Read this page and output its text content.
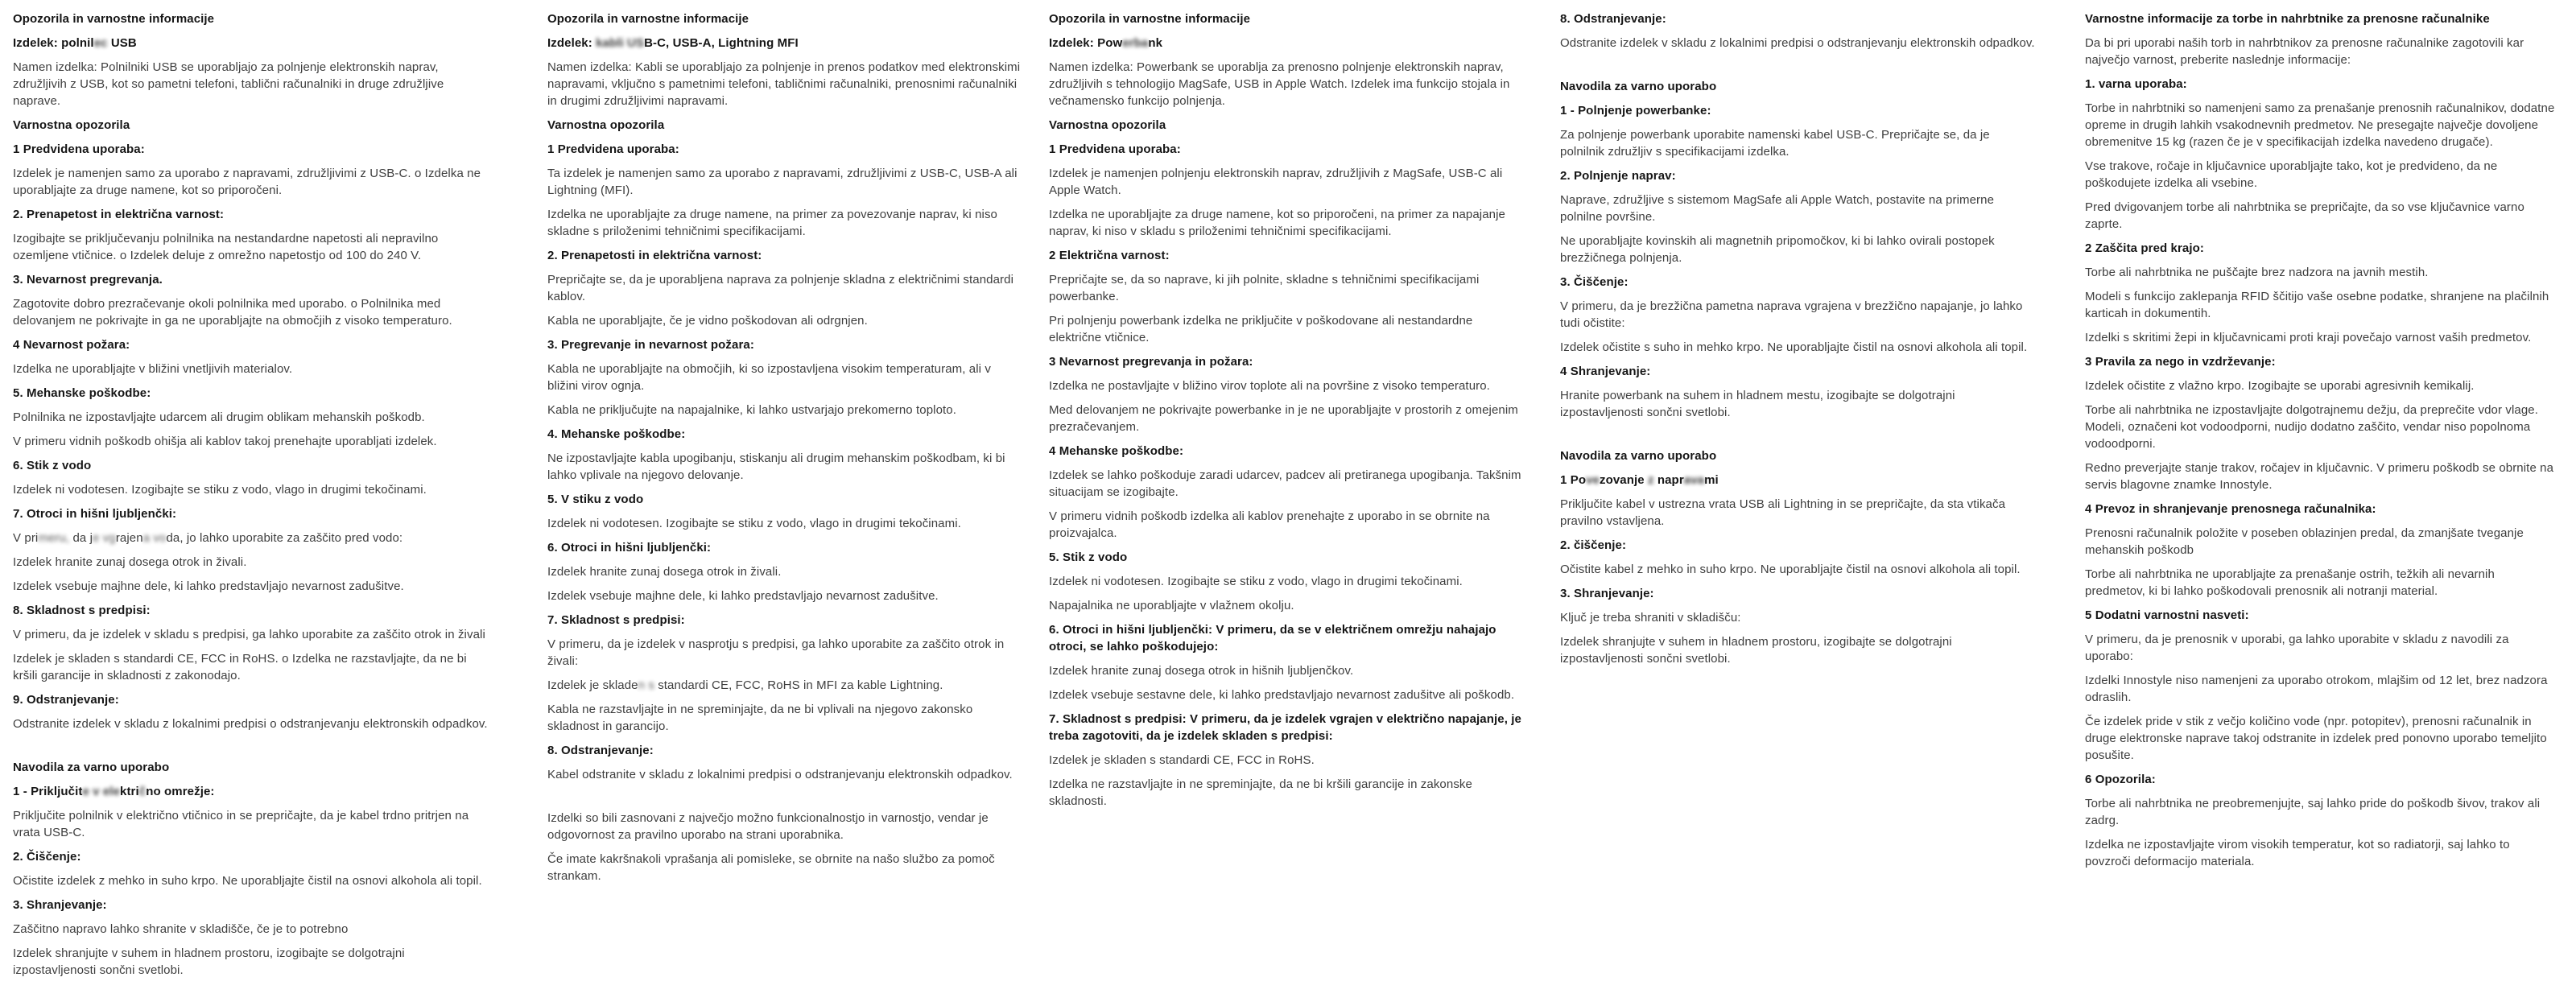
Opozorila in varnostne informacije

Izdelek: polnilec USB

Namen izdelka: Polnilniki USB se uporabljajo za polnjenje elektronskih naprav, združljivih z USB, kot so pametni telefoni, tablični računalniki in druge združljive naprave.

Varnostna opozorila

1 Predvidena uporaba:

Izdelek je namenjen samo za uporabo z napravami, združljivimi z USB-C. o Izdelka ne uporabljajte za druge namene, kot so priporočeni.

2. Prenapetost in električna varnost:

Izogibajte se priključevanju polnilnika na nestandardne napetosti ali nepravilno ozemljene vtičnice. o Izdelek deluje z omrežno napetostjo od 100 do 240 V.

3. Nevarnost pregrevanja.

Zagotovite dobro prezračevanje okoli polnilnika med uporabo. o Polnilnika med delovanjem ne pokrivajte in ga ne uporabljajte na območjih z visoko temperaturo.

4 Nevarnost požara:

Izdelka ne uporabljajte v bližini vnetljivih materialov.

5. Mehanske poškodbe:

Polnilnika ne izpostavljajte udarcem ali drugim oblikam mehanskih poškodb.

V primeru vidnih poškodb ohišja ali kablov takoj prenehajte uporabljati izdelek.

6. Stik z vodo

Izdelek ni vodotesen. Izogibajte se stiku z vodo, vlago in drugimi tekočinami.

7. Otroci in hišni ljubljenčki:

V primeru, da je vgrajena voda, jo lahko uporabite za zaščito pred vodo:

Izdelek hranite zunaj dosega otrok in živali.

Izdelek vsebuje majhne dele, ki lahko predstavljajo nevarnost zadušitve.

8. Skladnost s predpisi:

V primeru, da je izdelek v skladu s predpisi, ga lahko uporabite za zaščito otrok in živali

Izdelek je skladen s standardi CE, FCC in RoHS. o Izdelka ne razstavljajte, da ne bi kršili garancije in skladnosti z zakonodajo.

9. Odstranjevanje:

Odstranite izdelek v skladu z lokalnimi predpisi o odstranjevanju elektronskih odpadkov.

Navodila za varno uporabo

1 - Priključite v električno omrežje:

Priključite polnilnik v električno vtičnico in se prepričajte, da je kabel trdno pritrjen na vrata USB-C.

2. Čiščenje:

Očistite izdelek z mehko in suho krpo. Ne uporabljajte čistil na osnovi alkohola ali topil.

3. Shranjevanje:

Zaščitno napravo lahko shranite v skladišče, če je to potrebno

Izdelek shranjujte v suhem in hladnem prostoru, izogibajte se dolgotrajni izpostavljenosti sončni svetlobi.

Opozorila in varnostne informacije

Izdelek: kabli USB-C, USB-A, Lightning MFI

Namen izdelka: Kabli se uporabljajo za polnjenje in prenos podatkov med elektronskimi napravami, vključno s pametnimi telefoni, tabličnimi računalniki, prenosnimi računalniki in drugimi združljivimi napravami.

Varnostna opozorila

1 Predvidena uporaba:

Ta izdelek je namenjen samo za uporabo z napravami, združljivimi z USB-C, USB-A ali Lightning (MFI).

Izdelka ne uporabljajte za druge namene, na primer za povezovanje naprav, ki niso skladne s priloženimi tehničnimi specifikacijami.

2. Prenapetosti in električna varnost:

Prepričajte se, da je uporabljena naprava za polnjenje skladna z električnimi standardi kablov.

Kabla ne uporabljajte, če je vidno poškodovan ali odrgnjen.

3. Pregrevanje in nevarnost požara:

Kabla ne uporabljajte na območjih, ki so izpostavljena visokim temperaturam, ali v bližini virov ognja.

Kabla ne priključujte na napajalnike, ki lahko ustvarjajo prekomerno toploto.

4. Mehanske poškodbe:

Ne izpostavljajte kabla upogibanju, stiskanju ali drugim mehanskim poškodbam, ki bi lahko vplivale na njegovo delovanje.

5. V stiku z vodo

Izdelek ni vodotesen. Izogibajte se stiku z vodo, vlago in drugimi tekočinami.

6. Otroci in hišni ljubljenčki:

Izdelek hranite zunaj dosega otrok in živali.

Izdelek vsebuje majhne dele, ki lahko predstavljajo nevarnost zadušitve.

7. Skladnost s predpisi:

V primeru, da je izdelek v nasprotju s predpisi, ga lahko uporabite za zaščito otrok in živali:

Izdelek je skladen s standardi CE, FCC, RoHS in MFI za kable Lightning.

Kabla ne razstavljajte in ne spreminjajte, da ne bi vplivali na njegovo zakonsko skladnost in garancijo.

8. Odstranjevanje:

Kabel odstranite v skladu z lokalnimi predpisi o odstranjevanju elektronskih odpadkov.

Izdelki so bili zasnovani z največjo možno funkcionalnostjo in varnostjo, vendar je odgovornost za pravilno uporabo na strani uporabnika.

Če imate kakršnakoli vprašanja ali pomisleke, se obrnite na našo službo za pomoč strankam.

Opozorila in varnostne informacije

Izdelek: Powerbank

Namen izdelka: Powerbank se uporablja za prenosno polnjenje elektronskih naprav, združljivih s tehnologijo MagSafe, USB in Apple Watch. Izdelek ima funkcijo stojala in večnamensko funkcijo polnjenja.

Varnostna opozorila

1 Predvidena uporaba:

Izdelek je namenjen polnjenju elektronskih naprav, združljivih z MagSafe, USB-C ali Apple Watch.

Izdelka ne uporabljajte za druge namene, kot so priporočeni, na primer za napajanje naprav, ki niso v skladu s priloženimi tehničnimi specifikacijami.

2 Električna varnost:

Prepričajte se, da so naprave, ki jih polnite, skladne s tehničnimi specifikacijami powerbanke.

Pri polnjenju powerbank izdelka ne priključite v poškodovane ali nestandardne električne vtičnice.

3 Nevarnost pregrevanja in požara:

Izdelka ne postavljajte v bližino virov toplote ali na površine z visoko temperaturo.

Med delovanjem ne pokrivajte powerbanke in je ne uporabljajte v prostorih z omejenim prezračevanjem.

4 Mehanske poškodbe:

Izdelek se lahko poškoduje zaradi udarcev, padcev ali pretiranega upogibanja. Takšnim situacijam se izogibajte.

V primeru vidnih poškodb izdelka ali kablov prenehajte z uporabo in se obrnite na proizvajalca.

5. Stik z vodo

Izdelek ni vodotesen. Izogibajte se stiku z vodo, vlago in drugimi tekočinami.

Napajalnika ne uporabljajte v vlažnem okolju.

6. Otroci in hišni ljubljenčki: V primeru, da se v električnem omrežju nahajajo otroci, se lahko poškodujejo:

Izdelek hranite zunaj dosega otrok in hišnih ljubljenčkov.

Izdelek vsebuje sestavne dele, ki lahko predstavljajo nevarnost zadušitve ali poškodb.

7. Skladnost s predpisi: V primeru, da je izdelek vgrajen v električno napajanje, je treba zagotoviti, da je izdelek skladen s predpisi:

Izdelek je skladen s standardi CE, FCC in RoHS.

Izdelka ne razstavljajte in ne spreminjajte, da ne bi kršili garancije in zakonske skladnosti.

8. Odstranjevanje:

Odstranite izdelek v skladu z lokalnimi predpisi o odstranjevanju elektronskih odpadkov.

Navodila za varno uporabo

1 - Polnjenje powerbanke:

Za polnjenje powerbank uporabite namenski kabel USB-C. Prepričajte se, da je polnilnik združljiv s specifikacijami izdelka.

2. Polnjenje naprav:

Naprave, združljive s sistemom MagSafe ali Apple Watch, postavite na primerne polnilne površine.

Ne uporabljajte kovinskih ali magnetnih pripomočkov, ki bi lahko ovirali postopek brezžičnega polnjenja.

3. Čiščenje:

V primeru, da je brezžična pametna naprava vgrajena v brezžično napajanje, jo lahko tudi očistite:

Izdelek očistite s suho in mehko krpo. Ne uporabljajte čistil na osnovi alkohola ali topil.

4 Shranjevanje:

Hranite powerbank na suhem in hladnem mestu, izogibajte se dolgotrajni izpostavljenosti sončni svetlobi.

Navodila za varno uporabo

1 Povezovanje z napravami

Priključite kabel v ustrezna vrata USB ali Lightning in se prepričajte, da sta vtikača pravilno vstavljena.

2. čiščenje:

Očistite kabel z mehko in suho krpo. Ne uporabljajte čistil na osnovi alkohola ali topil.

3. Shranjevanje:

Ključ je treba shraniti v skladišču:

Izdelek shranjujte v suhem in hladnem prostoru, izogibajte se dolgotrajni izpostavljenosti sončni svetlobi.

Varnostne informacije za torbe in nahrbtnike za prenosne računalnike

Da bi pri uporabi naših torb in nahrbtnikov za prenosne računalnike zagotovili kar največjo varnost, preberite naslednje informacije:

1. varna uporaba:

Torbe in nahrbtniki so namenjeni samo za prenašanje prenosnih računalnikov, dodatne opreme in drugih lahkih vsakodnevnih predmetov. Ne presegajte največje dovoljene obremenitve 15 kg (razen če je v specifikacijah izdelka navedeno drugače).

Vse trakove, ročaje in ključavnice uporabljajte tako, kot je predvideno, da ne poškodujete izdelka ali vsebine.

Pred dvigovanjem torbe ali nahrbtnika se prepričajte, da so vse ključavnice varno zaprte.

2 Zaščita pred krajo:

Torbe ali nahrbtnika ne puščajte brez nadzora na javnih mestih.

Modeli s funkcijo zaklepanja RFID ščitijo vaše osebne podatke, shranjene na plačilnih karticah in dokumentih.

Izdelki s skritimi žepi in ključavnicami proti kraji povečajo varnost vaših predmetov.

3 Pravila za nego in vzdrževanje:

Izdelek očistite z vlažno krpo. Izogibajte se uporabi agresivnih kemikalij.

Torbe ali nahrbtnika ne izpostavljajte dolgotrajnemu dežju, da preprečite vdor vlage. Modeli, označeni kot vodoodporni, nudijo dodatno zaščito, vendar niso popolnoma vodoodporni.

Redno preverjajte stanje trakov, ročajev in ključavnic. V primeru poškodb se obrnite na servis blagovne znamke Innostyle.

4 Prevoz in shranjevanje prenosnega računalnika:

Prenosni računalnik položite v poseben oblazinjen predal, da zmanjšate tveganje mehanskih poškodb

Torbe ali nahrbtnika ne uporabljajte za prenašanje ostrih, težkih ali nevarnih predmetov, ki bi lahko poškodovali prenosnik ali notranji material.

5 Dodatni varnostni nasveti:

V primeru, da je prenosnik v uporabi, ga lahko uporabite v skladu z navodili za uporabo:

Izdelki Innostyle niso namenjeni za uporabo otrokom, mlajšim od 12 let, brez nadzora odraslih.

Če izdelek pride v stik z večjo količino vode (npr. potopitev), prenosni računalnik in druge elektronske naprave takoj odstranite in izdelek pred ponovno uporabo temeljito posušite.

6 Opozorila:

Torbe ali nahrbtnika ne preobremenjujte, saj lahko pride do poškodb šivov, trakov ali zadrg.

Izdelka ne izpostavljajte virom visokih temperatur, kot so radiatorji, saj lahko to povzroči deformacijo materiala.
